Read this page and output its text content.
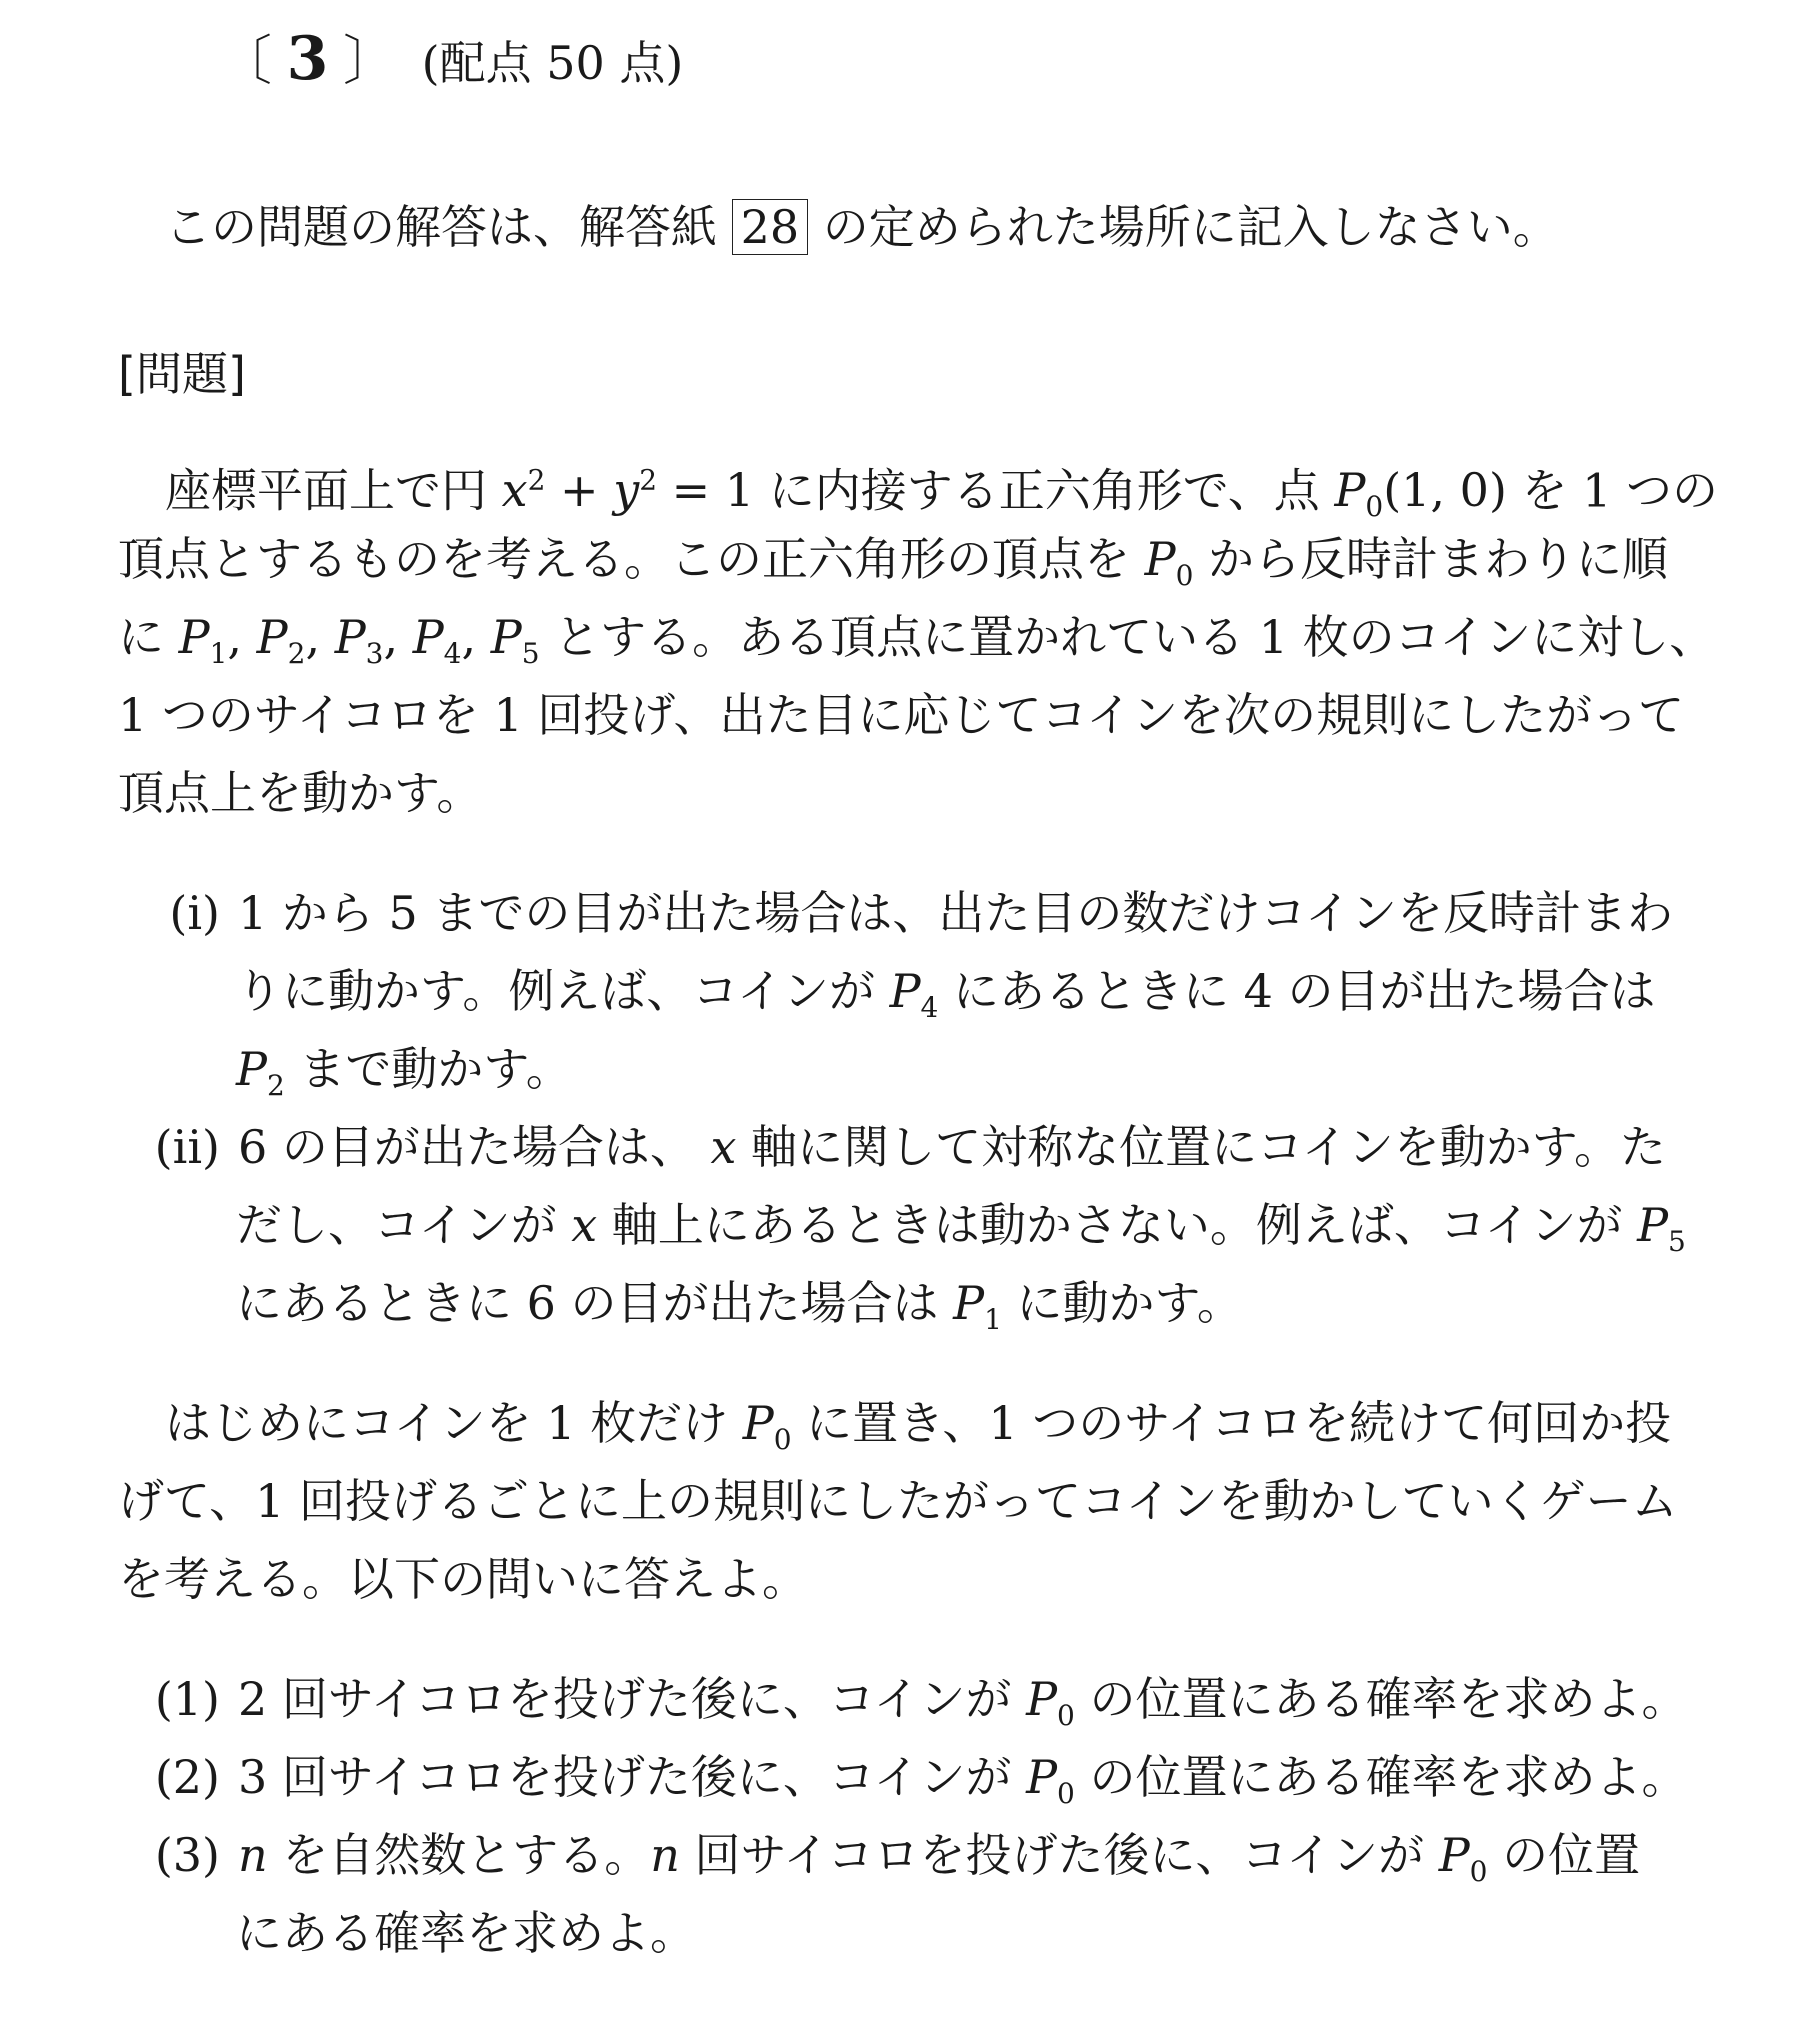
〔 3 〕 (配点 50 点)
この問題の解答は、解答紙 28 の定められた場所に記入しなさい。
[問題]
座標平面上で円 $x^2 + y^2 = 1$ に内接する正六角形で、点 $P_0(1$, 0) を 1 つの
頂点とするものを考える。この正六角形の頂点を $P_0$ から反時計まわりに順
に $P_1$, $P_2$, $P_3$, $P_4$, $P_5$ とする。ある頂点に置かれている 1 枚のコインに対し、
1 つのサイコロを 1 回投げ、出た目に応じてコインを次の規則にしたがって
頂点上を動かす。
(i) 1 から 5 までの目が出た場合は、出た目の数だけコインを反時計まわ
りに動かす。例えば、コインが $P_4$ にあるときに 4 の目が出た場合は
$P_2$ まで動かす。
(ii) 6 の目が出た場合は、 x 軸に関して対称な位置にコインを動かす。た
だし、コインが x 軸上にあるときは動かさない。例えば、コインが $P_5$
にあるときに 6 の目が出た場合は $P_1$ に動かす。
はじめにコインを 1 枚だけ $P_0$ に置き、1 つのサイコロを続けて何回か投
げて、1 回投げるごとに上の規則にしたがってコインを動かしていくゲーム
を考える。以下の問いに答えよ。
(1) 2 回サイコロを投げた後に、コインが $P_0$ の位置にある確率を求めよ。
(2) 3 回サイコロを投げた後に、コインが $P_0$ の位置にある確率を求めよ。
(3) n を自然数とする。n 回サイコロを投げた後に、コインが $P_0$ の位置
にある確率を求めよ。
